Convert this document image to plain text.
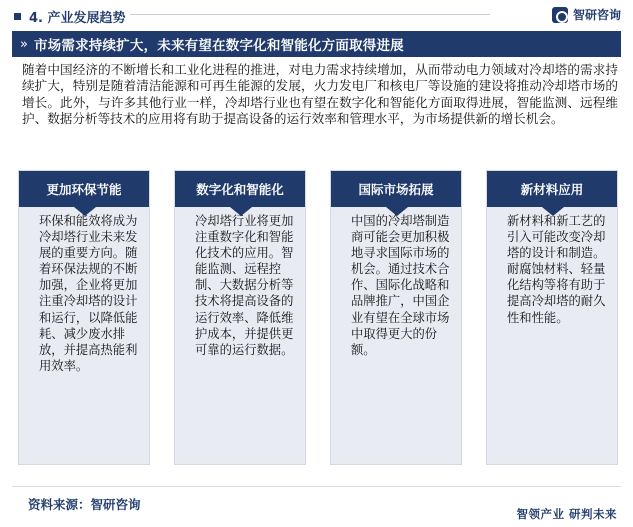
4. 产业发展趋势	智研咨询
» 市场需求持续扩大，未来有望在数字化和智能化方面取得进展

随着中国经济的不断增长和工业化进程的推进，对电力需求持续增加，从而带动电力领域对冷却塔的需求持续扩大，特别是随着清洁能源和可再生能源的发展，火力发电厂和核电厂等设施的建设将推动冷却塔市场的增长。此外，与许多其他行业一样，冷却塔行业也有望在数字化和智能化方面取得进展，智能监测、远程维护、数据分析等技术的应用将有助于提高设备的运行效率和管理水平，为市场提供新的增长机会。

更加环保节能
环保和能效将成为冷却塔行业未来发展的重要方向。随着环保法规的不断加强，企业将更加注重冷却塔的设计和运行，以降低能耗、减少废水排放，并提高热能利用效率。
数字化和智能化
冷却塔行业将更加注重数字化和智能化技术的应用。智能监测、远程控制、大数据分析等技术将提高设备的运行效率、降低维护成本，并提供更可靠的运行数据。
国际市场拓展
中国的冷却塔制造商可能会更加积极地寻求国际市场的机会。通过技术合作、国际化战略和品牌推广，中国企业有望在全球市场中取得更大的份额。
新材料应用
新材料和新工艺的引入可能改变冷却塔的设计和制造。耐腐蚀材料、轻量化结构等将有助于提高冷却塔的耐久性和性能。
资料来源：智研咨询
智领产业 研判未来
